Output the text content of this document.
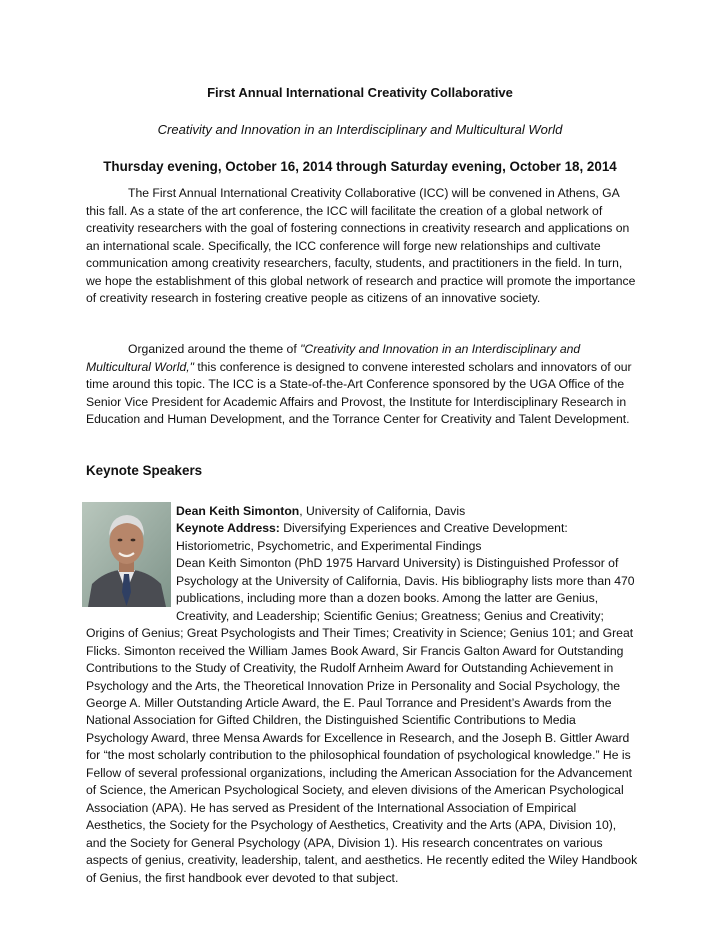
First Annual International Creativity Collaborative
Creativity and Innovation in an Interdisciplinary and Multicultural World
Thursday evening, October 16, 2014 through Saturday evening, October 18, 2014

The First Annual International Creativity Collaborative (ICC) will be convened in Athens, GA this fall. As a state of the art conference, the ICC will facilitate the creation of a global network of creativity researchers with the goal of fostering connections in creativity research and applications on an international scale. Specifically, the ICC conference will forge new relationships and cultivate communication among creativity researchers, faculty, students, and practitioners in the field. In turn, we hope the establishment of this global network of research and practice will promote the importance of creativity research in fostering creative people as citizens of an innovative society.

Organized around the theme of "Creativity and Innovation in an Interdisciplinary and Multicultural World," this conference is designed to convene interested scholars and innovators of our time around this topic. The ICC is a State-of-the-Art Conference sponsored by the UGA Office of the Senior Vice President for Academic Affairs and Provost, the Institute for Interdisciplinary Research in Education and Human Development, and the Torrance Center for Creativity and Talent Development.

Keynote Speakers

Dean Keith Simonton, University of California, Davis
Keynote Address: Diversifying Experiences and Creative Development: Historiometric, Psychometric, and Experimental Findings
Dean Keith Simonton (PhD 1975 Harvard University) is Distinguished Professor of Psychology at the University of California, Davis. His bibliography lists more than 470 publications, including more than a dozen books. Among the latter are Genius, Creativity, and Leadership; Scientific Genius; Greatness; Genius and Creativity; Origins of Genius; Great Psychologists and Their Times; Creativity in Science; Genius 101; and Great Flicks. Simonton received the William James Book Award, Sir Francis Galton Award for Outstanding Contributions to the Study of Creativity, the Rudolf Arnheim Award for Outstanding Achievement in Psychology and the Arts, the Theoretical Innovation Prize in Personality and Social Psychology, the George A. Miller Outstanding Article Award, the E. Paul Torrance and President’s Awards from the National Association for Gifted Children, the Distinguished Scientific Contributions to Media Psychology Award, three Mensa Awards for Excellence in Research, and the Joseph B. Gittler Award for “the most scholarly contribution to the philosophical foundation of psychological knowledge.” He is Fellow of several professional organizations, including the American Association for the Advancement of Science, the American Psychological Society, and eleven divisions of the American Psychological Association (APA). He has served as President of the International Association of Empirical Aesthetics, the Society for the Psychology of Aesthetics, Creativity and the Arts (APA, Division 10), and the Society for General Psychology (APA, Division 1). His research concentrates on various aspects of genius, creativity, leadership, talent, and aesthetics. He recently edited the Wiley Handbook of Genius, the first handbook ever devoted to that subject.
